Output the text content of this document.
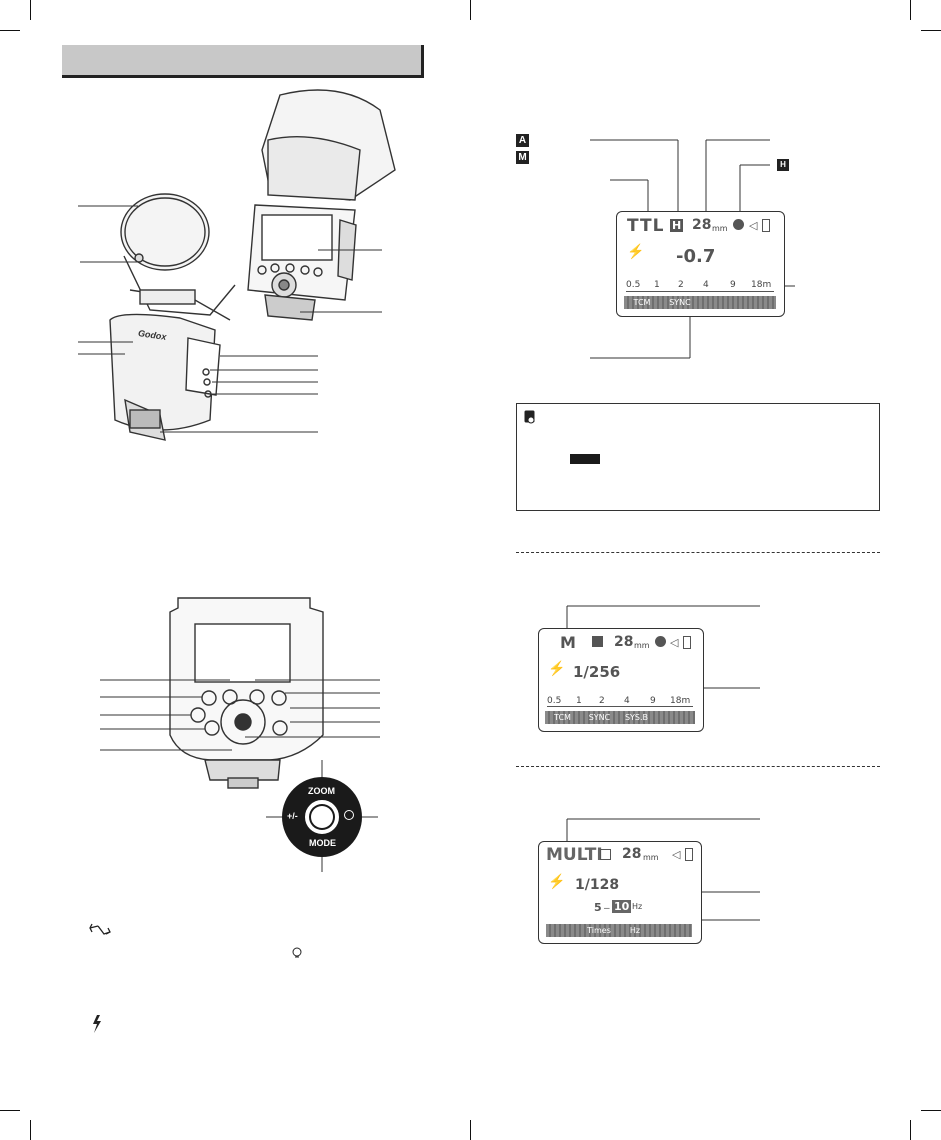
Godox
ZOOM
MODE
+/-
A
M
H
TTL H 28 mm ◁
⚡ -0.7
0.5 1 2 4 9 18m
TCM	SYNC
M	28 mm ◁
⚡ 1/256
0.5 1 2 4 9 18m
TCM	SYNC	SYS.B
MULTI 28 mm ◁
⚡ 1/128
5 – 10 Hz
Times	Hz
